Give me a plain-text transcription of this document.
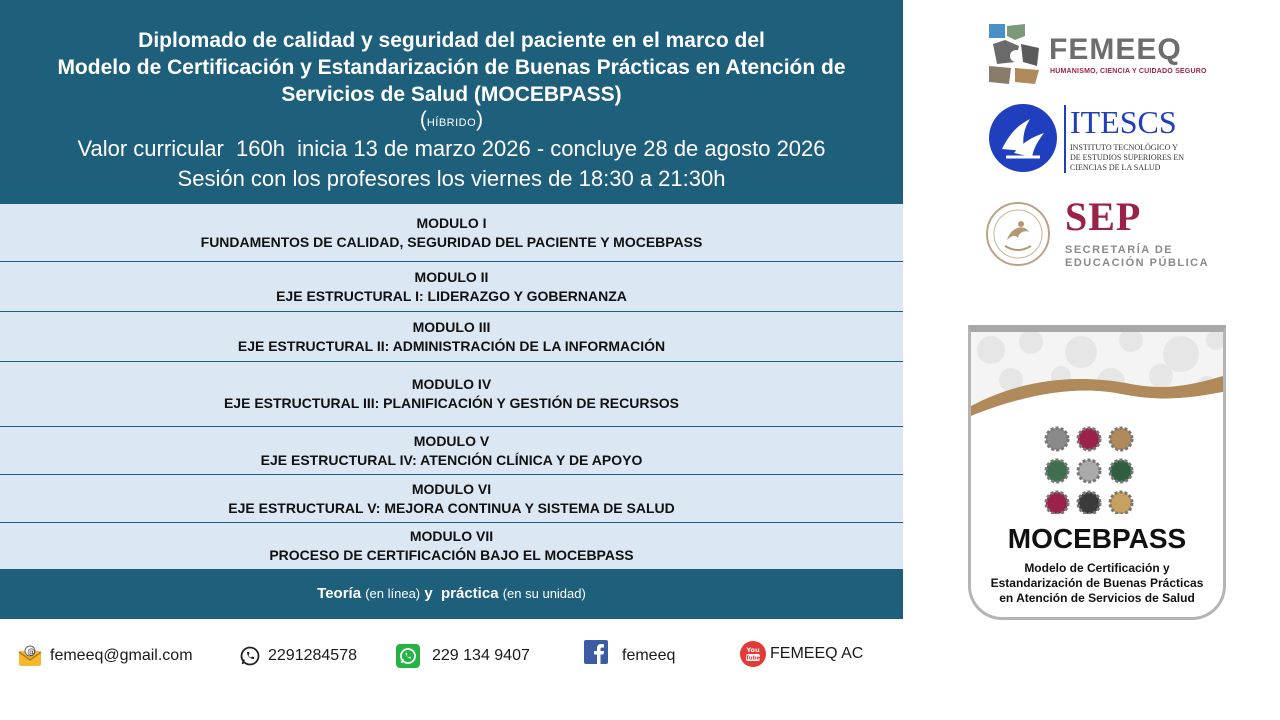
Diplomado de calidad y seguridad del paciente en el marco del
Modelo de Certificación y Estandarización de Buenas Prácticas en Atención de
Servicios de Salud (MOCEBPASS)
(HÍBRIDO)
Valor curricular  160h  inicia 13 de marzo 2026 - concluye 28 de agosto 2026
Sesión con los profesores los viernes de 18:30 a 21:30h
MODULO I
FUNDAMENTOS DE CALIDAD, SEGURIDAD DEL PACIENTE Y MOCEBPASS
MODULO II
EJE ESTRUCTURAL I: LIDERAZGO Y GOBERNANZA
MODULO III
EJE ESTRUCTURAL II: ADMINISTRACIÓN DE LA INFORMACIÓN
MODULO IV
EJE ESTRUCTURAL III: PLANIFICACIÓN Y GESTIÓN DE RECURSOS
MODULO V
EJE ESTRUCTURAL IV: ATENCIÓN CLÍNICA Y DE APOYO
MODULO VI
EJE ESTRUCTURAL V: MEJORA CONTINUA Y SISTEMA DE SALUD
MODULO VII
PROCESO DE CERTIFICACIÓN BAJO EL MOCEBPASS
Teoría (en línea) y práctica (en su unidad)
FEMEEQ
HUMANISMO, CIENCIA Y CUIDADO SEGURO
ITESCS
INSTITUTO TECNOLÓGICO Y
DE ESTUDIOS SUPERIORES EN
CIENCIAS DE LA SALUD
SEP
SECRETARÍA DE
EDUCACIÓN PÚBLICA
MOCEBPASS
Modelo de Certificación y
Estandarización de Buenas Prácticas
en Atención de Servicios de Salud
@ femeeq@gmail.com	2291284578	229 134 9407	femeeq	You
Tube FEMEEQ AC
